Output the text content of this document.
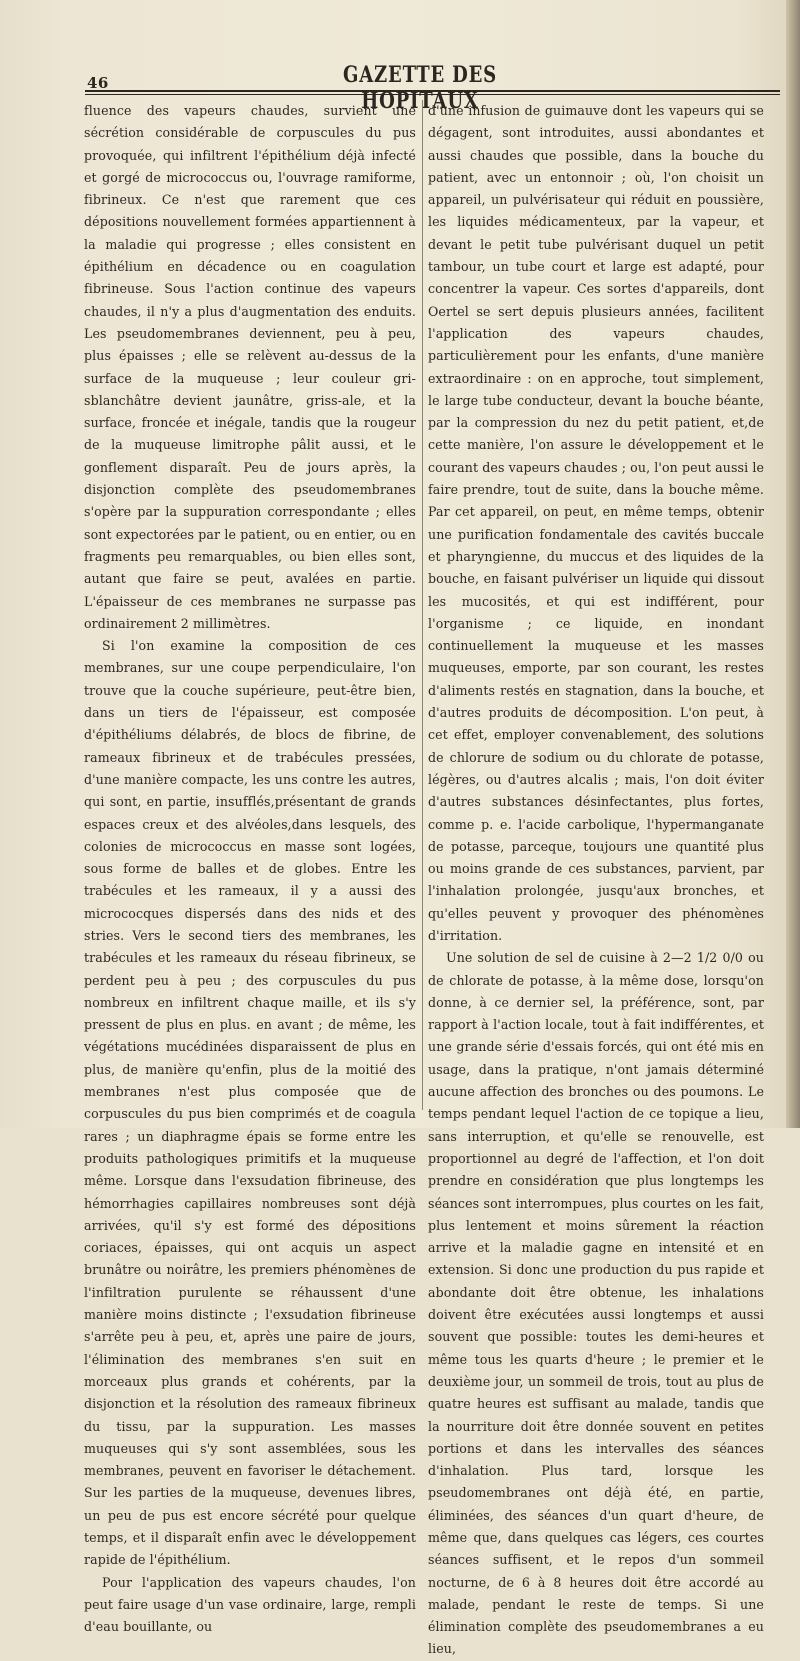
46	GAZETTE DES HOPITAUX

fluence des vapeurs chaudes, survient une sécrétion considérable de corpuscules du pus provoquée, qui infiltrent l'épithélium déjà infecté et gorgé de micrococcus ou, l'ouvrage ramiforme, fibrineux. Ce n'est que rarement que ces dépositions nouvellement formées appartiennent à la maladie qui progresse ; elles consistent en épithélium en décadence ou en coagulation fibrineuse. Sous l'action continue des vapeurs chaudes, il n'y a plus d'augmentation des enduits. Les pseudomembranes deviennent, peu à peu, plus épaisses ; elle se relèvent au-dessus de la surface de la muqueuse ; leur couleur gri-sblanchâtre devient jaunâtre, griss-ale, et la surface, froncée et inégale, tandis que la rougeur de la muqueuse limitrophe pâlit aussi, et le gonflement disparaît. Peu de jours après, la disjonction complète des pseudomembranes s'opère par la suppuration correspondante ; elles sont expectorées par le patient, ou en entier, ou en fragments peu remarquables, ou bien elles sont, autant que faire se peut, avalées en partie. L'épaisseur de ces membranes ne surpasse pas ordinairement 2 millimètres.

Si l'on examine la composition de ces membranes, sur une coupe perpendiculaire, l'on trouve que la couche supérieure, peut-être bien, dans un tiers de l'épaisseur, est composée d'épithéliums délabrés, de blocs de fibrine, de rameaux fibrineux et de trabécules pressées, d'une manière compacte, les uns contre les autres, qui sont, en partie, insufflés,présentant de grands espaces creux et des alvéoles,dans lesquels, des colonies de micrococcus en masse sont logées, sous forme de balles et de globes. Entre les trabécules et les rameaux, il y a aussi des micrococques dispersés dans des nids et des stries. Vers le second tiers des membranes, les trabécules et les rameaux du réseau fibrineux, se perdent peu à peu ; des corpuscules du pus nombreux en infiltrent chaque maille, et ils s'y pressent de plus en plus. en avant ; de même, les végétations mucédinées disparaissent de plus en plus, de manière qu'enfin, plus de la moitié des membranes n'est plus composée que de corpuscules du pus bien comprimés et de coagula rares ; un diaphragme épais se forme entre les produits pathologiques primitifs et la muqueuse même. Lorsque dans l'exsudation fibrineuse, des hémorrhagies capillaires nombreuses sont déjà arrivées, qu'il s'y est formé des dépositions coriaces, épaisses, qui ont acquis un aspect brunâtre ou noirâtre, les premiers phénomènes de l'infiltration purulente se réhaussent d'une manière moins distincte ; l'exsudation fibrineuse s'arrête peu à peu, et, après une paire de jours, l'élimination des membranes s'en suit en morceaux plus grands et cohérents, par la disjonction et la résolution des rameaux fibrineux du tissu, par la suppuration. Les masses muqueuses qui s'y sont assemblées, sous les membranes, peuvent en favoriser le détachement. Sur les parties de la muqueuse, devenues libres, un peu de pus est encore sécrété pour quelque temps, et il disparaît enfin avec le développement rapide de l'épithélium.

Pour l'application des vapeurs chaudes, l'on peut faire usage d'un vase ordinaire, large, rempli d'eau bouillante, ou

d'une infusion de guimauve dont les vapeurs qui se dégagent, sont introduites, aussi abondantes et aussi chaudes que possible, dans la bouche du patient, avec un entonnoir ; où, l'on choisit un appareil, un pulvérisateur qui réduit en poussière, les liquides médicamenteux, par la vapeur, et devant le petit tube pulvérisant duquel un petit tambour, un tube court et large est adapté, pour concentrer la vapeur. Ces sortes d'appareils, dont Oertel se sert depuis plusieurs années, facilitent l'application des vapeurs chaudes, particulièrement pour les enfants, d'une manière extraordinaire : on en approche, tout simplement, le large tube conducteur, devant la bouche béante, par la compression du nez du petit patient, et,de cette manière, l'on assure le développement et le courant des vapeurs chaudes ; ou, l'on peut aussi le faire prendre, tout de suite, dans la bouche même. Par cet appareil, on peut, en même temps, obtenir une purification fondamentale des cavités buccale et pharyngienne, du muccus et des liquides de la bouche, en faisant pulvériser un liquide qui dissout les mucosités, et qui est indifférent, pour l'organisme ; ce liquide, en inondant continuellement la muqueuse et les masses muqueuses, emporte, par son courant, les restes d'aliments restés en stagnation, dans la bouche, et d'autres produits de décomposition. L'on peut, à cet effet, employer convenablement, des solutions de chlorure de sodium ou du chlorate de potasse, légères, ou d'autres alcalis ; mais, l'on doit éviter d'autres substances désinfectantes, plus fortes, comme p. e. l'acide carbolique, l'hypermanganate de potasse, parceque, toujours une quantité plus ou moins grande de ces substances, parvient, par l'inhalation prolongée, jusqu'aux bronches, et qu'elles peuvent y provoquer des phénomènes d'irritation.

Une solution de sel de cuisine à 2—2 1/2 0/0 ou de chlorate de potasse, à la même dose, lorsqu'on donne, à ce dernier sel, la préférence, sont, par rapport à l'action locale, tout à fait indifférentes, et une grande série d'essais forcés, qui ont été mis en usage, dans la pratique, n'ont jamais déterminé aucune affection des bronches ou des poumons. Le temps pendant lequel l'action de ce topique a lieu, sans interruption, et qu'elle se renouvelle, est proportionnel au degré de l'affection, et l'on doit prendre en considération que plus longtemps les séances sont interrompues, plus courtes on les fait, plus lentement et moins sûrement la réaction arrive et la maladie gagne en intensité et en extension. Si donc une production du pus rapide et abondante doit être obtenue, les inhalations doivent être exécutées aussi longtemps et aussi souvent que possible: toutes les demi-heures et même tous les quarts d'heure ; le premier et le deuxième jour, un sommeil de trois, tout au plus de quatre heures est suffisant au malade, tandis que la nourriture doit être donnée souvent en petites portions et dans les intervalles des séances d'inhalation. Plus tard, lorsque les pseudomembranes ont déjà été, en partie, éliminées, des séances d'un quart d'heure, de même que, dans quelques cas légers, ces courtes séances suffisent, et le repos d'un sommeil nocturne, de 6 à 8 heures doit être accordé au malade, pendant le reste de temps. Si une élimination complète des pseudomembranes a eu lieu,
